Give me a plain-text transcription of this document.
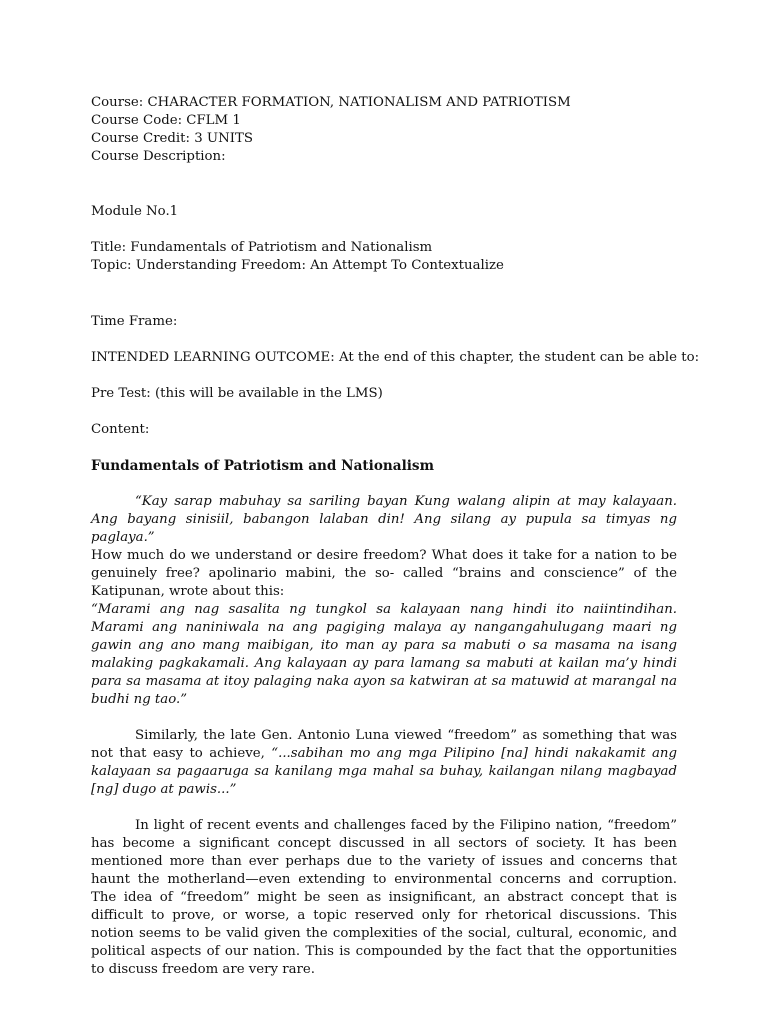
Course: CHARACTER FORMATION, NATIONALISM AND PATRIOTISM
Course Code: CFLM 1
Course Credit: 3 UNITS
Course Description:
Module No.1
Title: Fundamentals of Patriotism and Nationalism
Topic: Understanding Freedom: An Attempt To Contextualize
Time Frame:
INTENDED LEARNING OUTCOME: At the end of this chapter, the student can be able to:
Pre Test: (this will be available in the LMS)
Content:
Fundamentals of Patriotism and Nationalism

“Kay sarap mabuhay sa sariling bayan Kung walang alipin at may kalayaan. Ang bayang sinisiil, babangon lalaban din! Ang silang ay pupula sa timyas ng paglaya.”

How much do we understand or desire freedom? What does it take for a nation to be genuinely free? apolinario mabini, the so- called “brains and conscience” of the Katipunan, wrote about this:

“Marami ang nag sasalita ng tungkol sa kalayaan nang hindi ito naiintindihan. Marami ang naniniwala na ang pagiging malaya ay nangangahulugang maari ng gawin ang ano mang maibigan, ito man ay para sa mabuti o sa masama na isang malaking pagkakamali. Ang kalayaan ay para lamang sa mabuti at kailan ma’y hindi para sa masama at itoy palaging naka ayon sa katwiran at sa matuwid at marangal na budhi ng tao.”

Similarly, the late Gen. Antonio Luna viewed “freedom” as something that was not that easy to achieve, “...sabihan mo ang mga Pilipino [na] hindi nakakamit ang kalayaan sa pagaaruga sa kanilang mga mahal sa buhay, kailangan nilang magbayad [ng] dugo at pawis...”

In light of recent events and challenges faced by the Filipino nation, “freedom” has become a significant concept discussed in all sectors of society. It has been mentioned more than ever perhaps due to the variety of issues and concerns that haunt the motherland—even extending to environmental concerns and corruption. The idea of “freedom” might be seen as insignificant, an abstract concept that is difficult to prove, or worse, a topic reserved only for rhetorical discussions. This notion seems to be valid given the complexities of the social, cultural, economic, and political aspects of our nation. This is compounded by the fact that the opportunities to discuss freedom are very rare.
